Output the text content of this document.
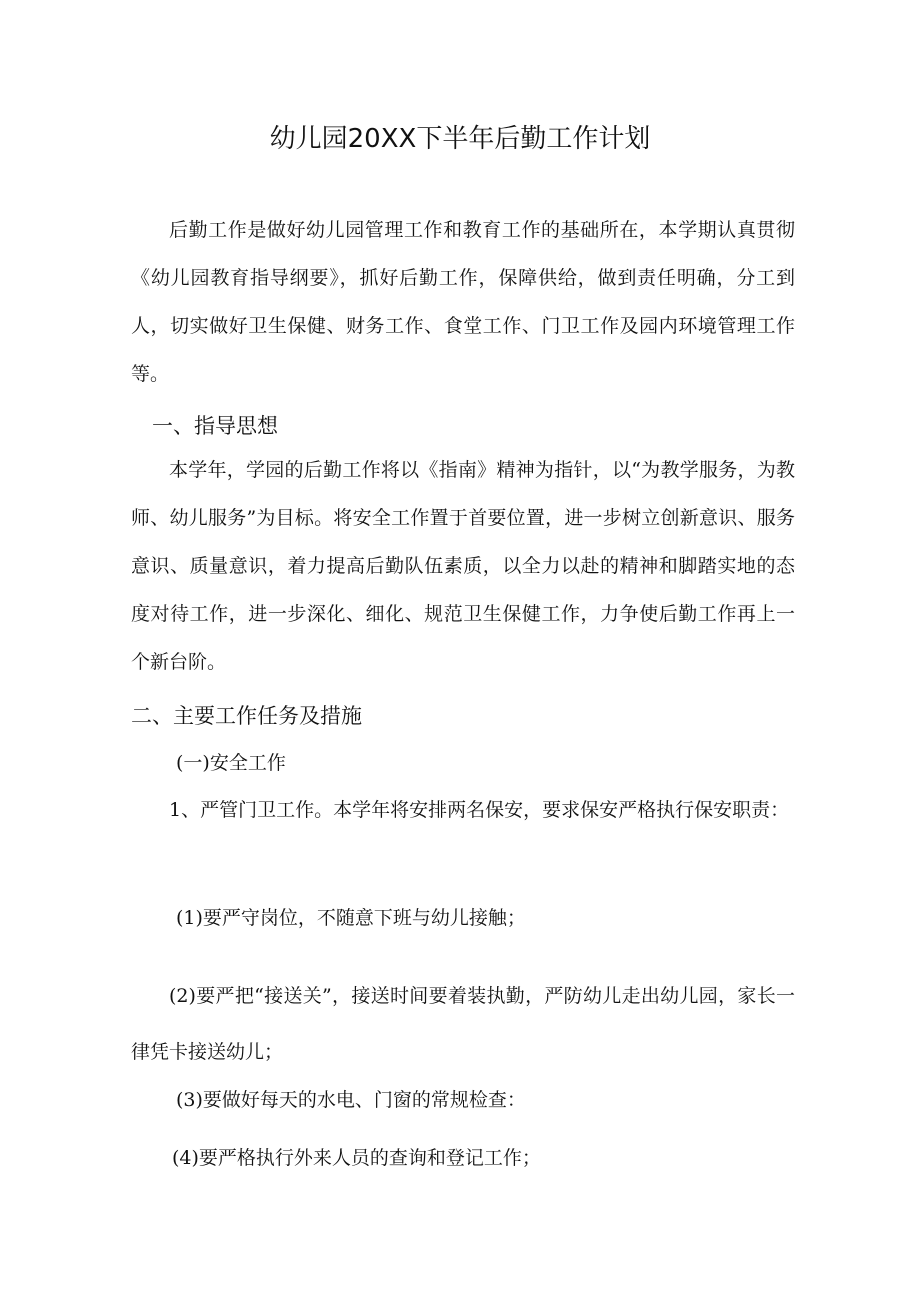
幼儿园20XX下半年后勤工作计划

后勤工作是做好幼儿园管理工作和教育工作的基础所在，本学期认真贯彻《幼儿园教育指导纲要》，抓好后勤工作，保障供给，做到责任明确，分工到人，切实做好卫生保健、财务工作、食堂工作、门卫工作及园内环境管理工作等。

一、指导思想

本学年，学园的后勤工作将以《指南》精神为指针，以“为教学服务，为教师、幼儿服务”为目标。将安全工作置于首要位置，进一步树立创新意识、服务意识、质量意识，着力提高后勤队伍素质，以全力以赴的精神和脚踏实地的态度对待工作，进一步深化、细化、规范卫生保健工作，力争使后勤工作再上一个新台阶。

二、主要工作任务及措施
(一)安全工作

1、严管门卫工作。本学年将安排两名保安，要求保安严格执行保安职责：

(1)要严守岗位，不随意下班与幼儿接触；

(2)要严把“接送关”，接送时间要着装执勤，严防幼儿走出幼儿园，家长一律凭卡接送幼儿；

(3)要做好每天的水电、门窗的常规检查：
(4)要严格执行外来人员的查询和登记工作；
